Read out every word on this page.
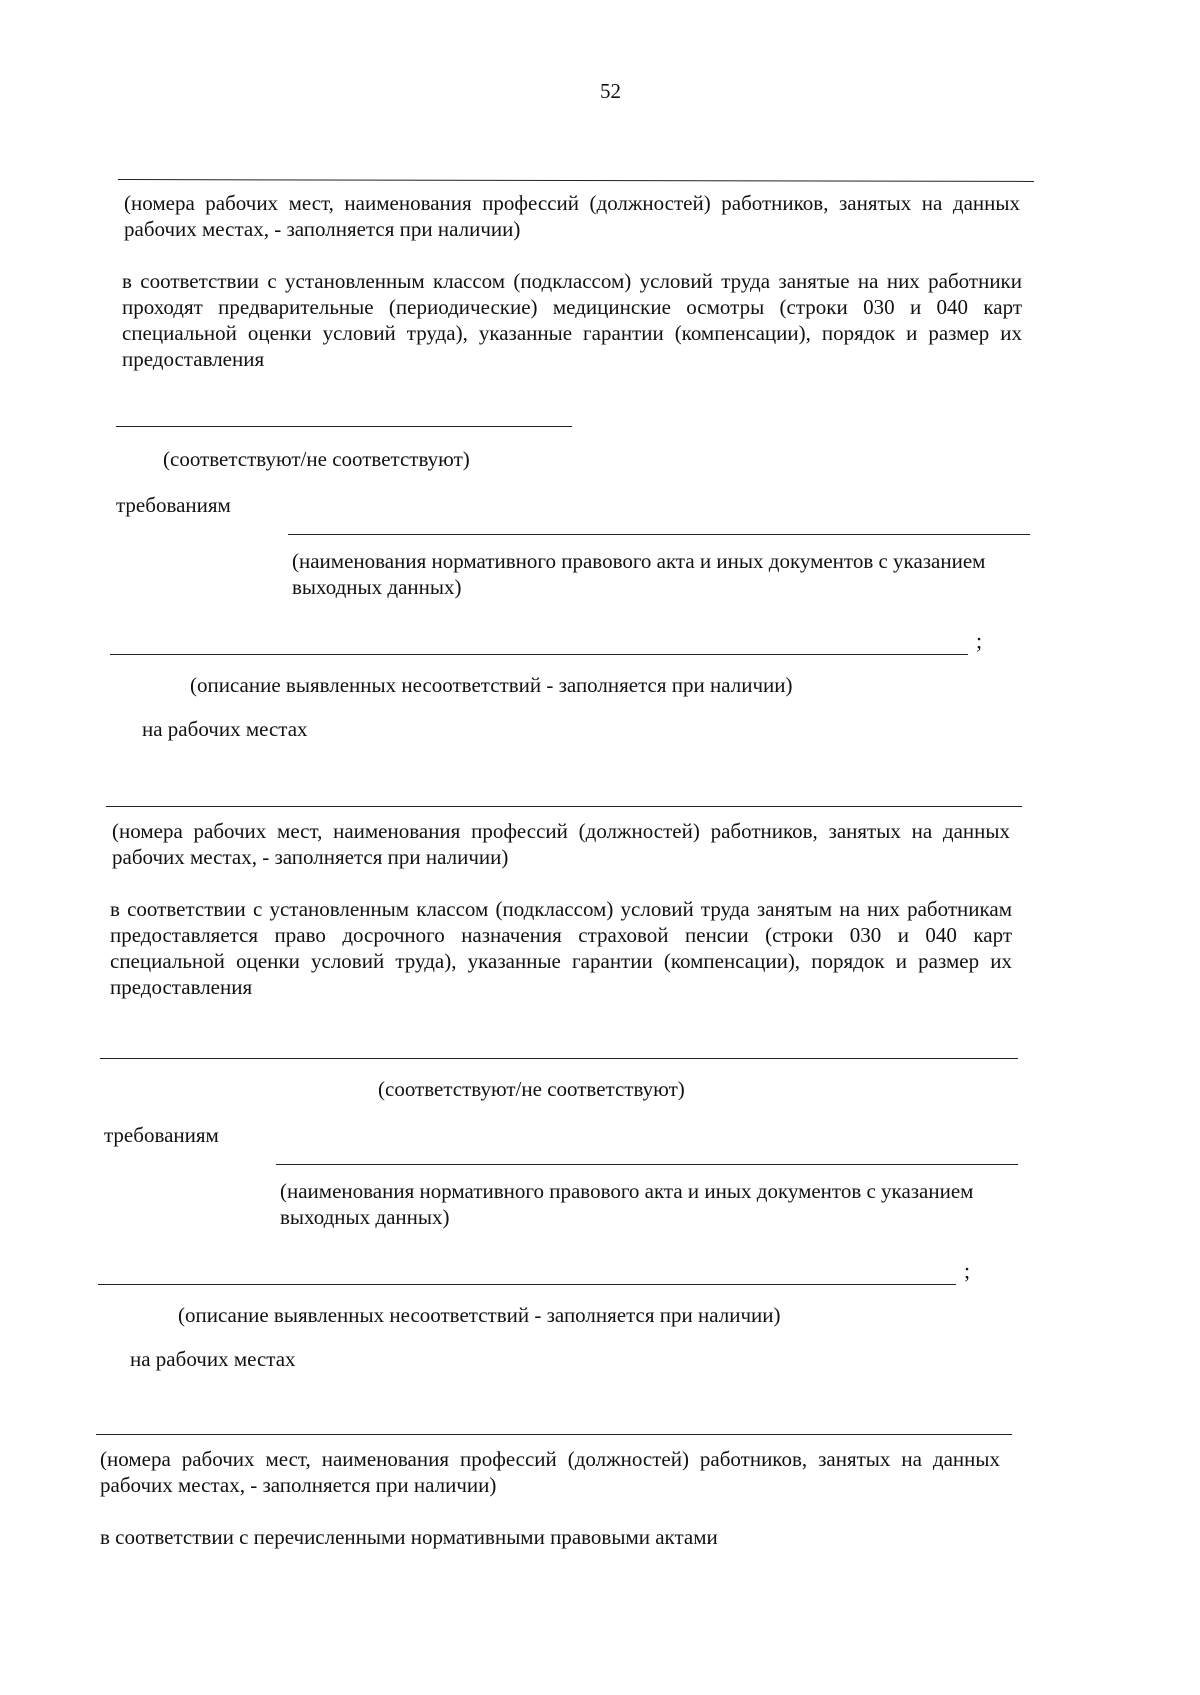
52
(номера рабочих мест, наименования профессий (должностей) работников, занятых на данных рабочих местах, - заполняется при наличии)
в соответствии с установленным классом (подклассом) условий труда занятые на них работники проходят предварительные (периодические) медицинские осмотры (строки 030 и 040 карт специальной оценки условий труда), указанные гарантии (компенсации), порядок и размер их предоставления
(соответствуют/не соответствуют)
требованиям
(наименования нормативного правового акта и иных документов с указанием выходных данных)
;
(описание выявленных несоответствий - заполняется при наличии)
на рабочих местах
(номера рабочих мест, наименования профессий (должностей) работников, занятых на данных рабочих местах, - заполняется при наличии)
в соответствии с установленным классом (подклассом) условий труда занятым на них работникам предоставляется право досрочного назначения страховой пенсии (строки 030 и 040 карт специальной оценки условий труда), указанные гарантии (компенсации), порядок и размер их предоставления
(соответствуют/не соответствуют)
требованиям
(наименования нормативного правового акта и иных документов с указанием выходных данных)
;
(описание выявленных несоответствий - заполняется при наличии)
на рабочих местах
(номера рабочих мест, наименования профессий (должностей) работников, занятых на данных рабочих местах, - заполняется при наличии)
в соответствии с перечисленными нормативными правовыми актами
